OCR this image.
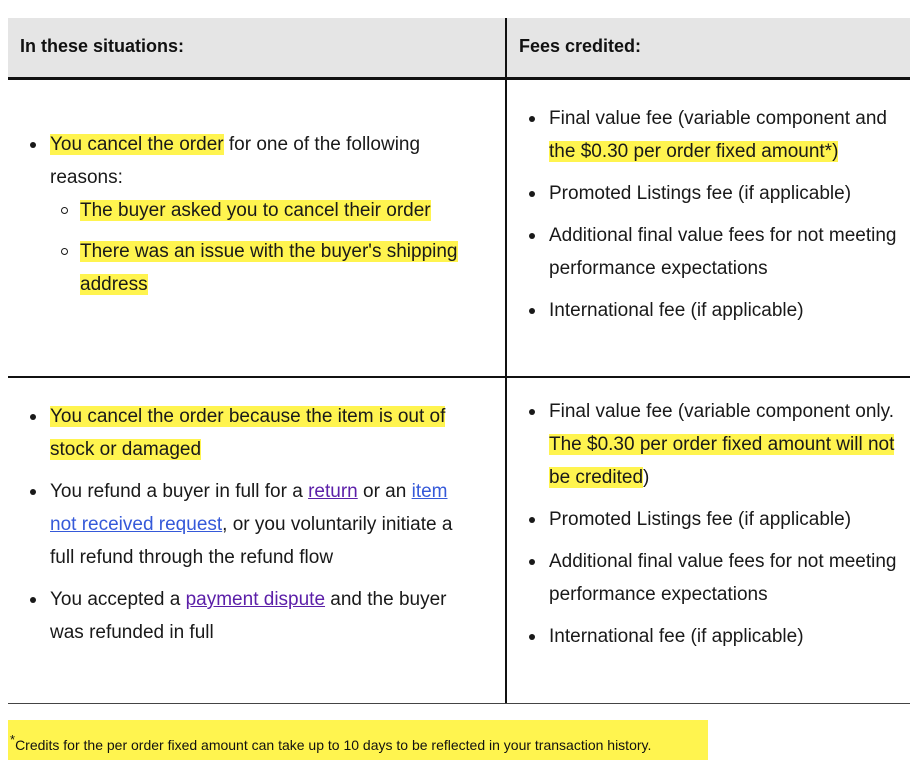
In these situations:	Fees credited:
You cancel the order for one of the following reasons:
The buyer asked you to cancel their order
There was an issue with the buyer's shipping address
Final value fee (variable component and the $0.30 per order fixed amount*)
Promoted Listings fee (if applicable)
Additional final value fees for not meeting performance expectations
International fee (if applicable)
You cancel the order because the item is out of stock or damaged
You refund a buyer in full for a return or an item not received request, or you voluntarily initiate a full refund through the refund flow
You accepted a payment dispute and the buyer was refunded in full
Final value fee (variable component only. The $0.30 per order fixed amount will not be credited)
Promoted Listings fee (if applicable)
Additional final value fees for not meeting performance expectations
International fee (if applicable)
*Credits for the per order fixed amount can take up to 10 days to be reflected in your transaction history.
